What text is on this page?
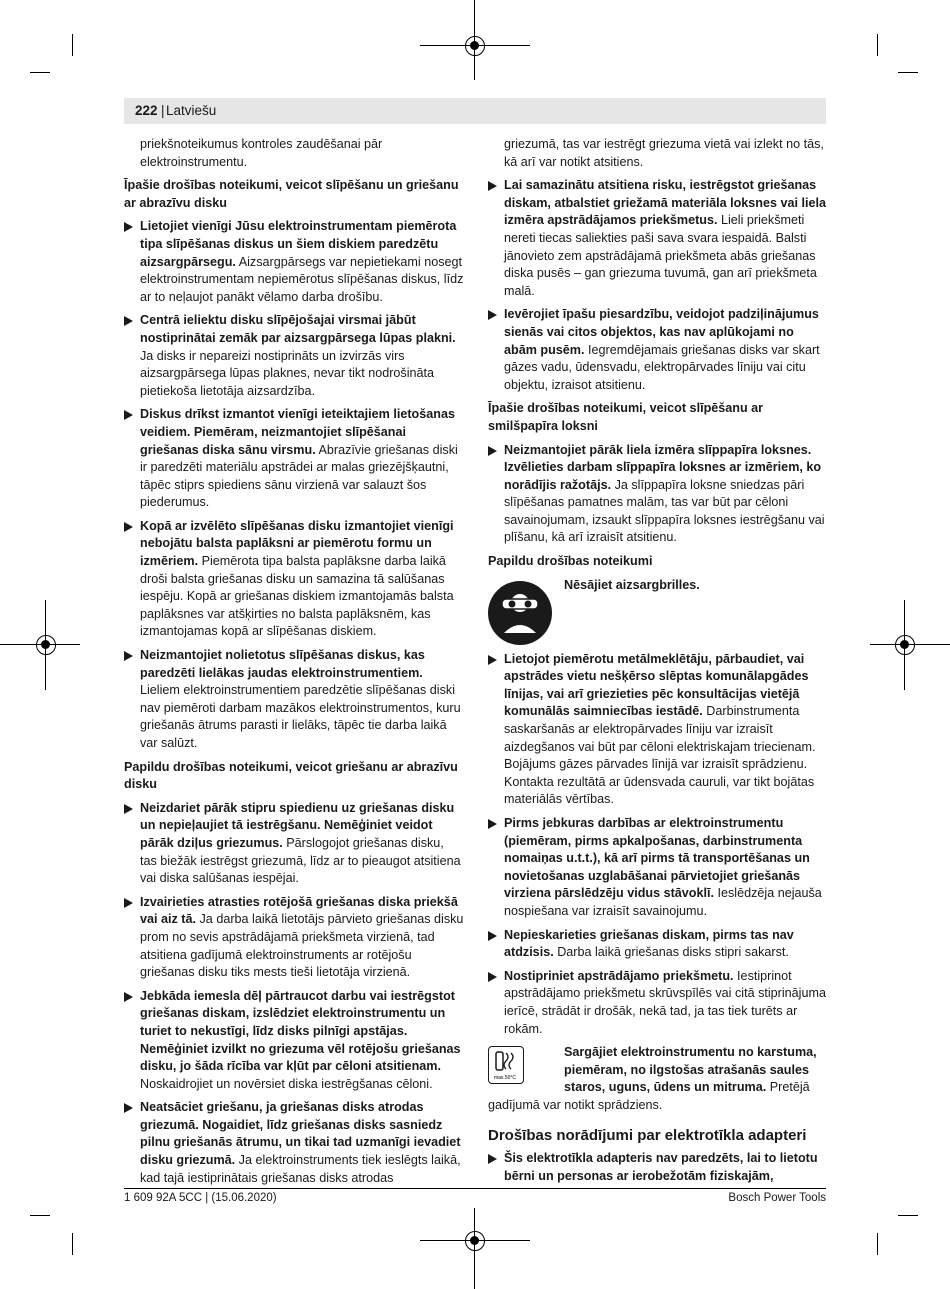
222 | Latviešu

priekšnoteikumus kontroles zaudēšanai pār elektroinstrumentu.

Īpašie drošības noteikumi, veicot slīpēšanu un griešanu ar abrazīvu disku

Lietojiet vienīgi Jūsu elektroinstrumentam piemērota tipa slīpēšanas diskus un šiem diskiem paredzētu aizsargpārsegu. Aizsargpārsegs var nepietiekami nosegt elektroinstrumentam nepiemērotus slīpēšanas diskus, līdz ar to neļaujot panākt vēlamo darba drošību.
Centrā ieliektu disku slīpējošajai virsmai jābūt nostiprinātai zemāk par aizsargpārsega lūpas plakni. Ja disks ir nepareizi nostiprināts un izvirzās virs aizsargpārsega lūpas plaknes, nevar tikt nodrošināta pietiekoša lietotāja aizsardzība.
Diskus drīkst izmantot vienīgi ieteiktajiem lietošanas veidiem. Piemēram, neizmantojiet slīpēšanai griešanas diska sānu virsmu. Abrazīvie griešanas diski ir paredzēti materiālu apstrādei ar malas griezējšķautni, tāpēc stiprs spiediens sānu virzienā var salauzt šos piederumus.
Kopā ar izvēlēto slīpēšanas disku izmantojiet vienīgi nebojātu balsta paplāksni ar piemērotu formu un izmēriem. Piemērota tipa balsta paplāksne darba laikā droši balsta griešanas disku un samazina tā salūšanas iespēju. Kopā ar griešanas diskiem izmantojamās balsta paplāksnes var atšķirties no balsta paplāksnēm, kas izmantojamas kopā ar slīpēšanas diskiem.
Neizmantojiet nolietotus slīpēšanas diskus, kas paredzēti lielākas jaudas elektroinstrumentiem. Lieliem elektroinstrumentiem paredzētie slīpēšanas diski nav piemēroti darbam mazākos elektroinstrumentos, kuru griešanās ātrums parasti ir lielāks, tāpēc tie darba laikā var salūzt.

Papildu drošības noteikumi, veicot griešanu ar abrazīvu disku

Neizdariet pārāk stipru spiedienu uz griešanas disku un nepieļaujiet tā iestrēgšanu. Nemēģiniet veidot pārāk dziļus griezumus. Pārslogojot griešanas disku, tas biežāk iestrēgst griezumā, līdz ar to pieaugot atsitiena vai diska salūšanas iespējai.
Izvairieties atrasties rotējošā griešanas diska priekšā vai aiz tā. Ja darba laikā lietotājs pārvieto griešanas disku prom no sevis apstrādājamā priekšmeta virzienā, tad atsitiena gadījumā elektroinstruments ar rotējošu griešanas disku tiks mests tieši lietotāja virzienā.
Jebkāda iemesla dēļ pārtraucot darbu vai iestrēgstot griešanas diskam, izslēdziet elektroinstrumentu un turiet to nekustīgi, līdz disks pilnīgi apstājas. Nemēģiniet izvilkt no griezuma vēl rotējošu griešanas disku, jo šāda rīcība var kļūt par cēloni atsitienam. Noskaidrojiet un novērsiet diska iestrēgšanas cēloni.
Neatsāciet griešanu, ja griešanas disks atrodas griezumā. Nogaidiet, līdz griešanas disks sasniedz pilnu griešanās ātrumu, un tikai tad uzmanīgi ievadiet disku griezumā. Ja elektroinstruments tiek ieslēgts laikā, kad tajā iestiprinātais griešanas disks atrodas

griezumā, tas var iestrēgt griezuma vietā vai izlekt no tās, kā arī var notikt atsitiens.

Lai samazinātu atsitiena risku, iestrēgstot griešanas diskam, atbalstiet griežamā materiāla loksnes vai liela izmēra apstrādājamos priekšmetus. Lieli priekšmeti nereti tiecas saliekties paši sava svara iespaidā. Balsti jānovieto zem apstrādājamā priekšmeta abās griešanas diska pusēs – gan griezuma tuvumā, gan arī priekšmeta malā.
Ievērojiet īpašu piesardzību, veidojot padziļinājumus sienās vai citos objektos, kas nav aplūkojami no abām pusēm. Iegremdējamais griešanas disks var skart gāzes vadu, ūdensvadu, elektropārvades līniju vai citu objektu, izraisot atsitienu.

Īpašie drošības noteikumi, veicot slīpēšanu ar smilšpapīra loksni

Neizmantojiet pārāk liela izmēra slīppapīra loksnes. Izvēlieties darbam slīppapīra loksnes ar izmēriem, ko norādījis ražotājs. Ja slīppapīra loksne sniedzas pāri slīpēšanas pamatnes malām, tas var būt par cēloni savainojumam, izsaukt slīppapīra loksnes iestrēgšanu vai plīšanu, kā arī izraisīt atsitienu.

Papildu drošības noteikumi

Nēsājiet aizsargbrilles.
Lietojot piemērotu metālmeklētāju, pārbaudiet, vai apstrādes vietu nešķērso slēptas komunālapgādes līnijas, vai arī griezieties pēc konsultācijas vietējā komunālās saimniecības iestādē. Darbinstrumenta saskaršanās ar elektropārvades līniju var izraisīt aizdegšanos vai būt par cēloni elektriskajam triecienam. Bojājums gāzes pārvades līnijā var izraisīt sprādzienu. Kontakta rezultātā ar ūdensvada cauruli, var tikt bojātas materiālās vērtības.
Pirms jebkuras darbības ar elektroinstrumentu (piemēram, pirms apkalpošanas, darbinstrumenta nomaiņas u.t.t.), kā arī pirms tā transportēšanas un novietošanas uzglabāšanai pārvietojiet griešanās virziena pārslēdzēju vidus stāvoklī. Ieslēdzēja nejauša nospiešana var izraisīt savainojumu.
Nepieskarieties griešanas diskam, pirms tas nav atdzisis. Darba laikā griešanas disks stipri sakarst.
Nostipriniet apstrādājamo priekšmetu. Iestiprinot apstrādājamo priekšmetu skrūvspīlēs vai citā stiprinājuma ierīcē, strādāt ir drošāk, nekā tad, ja tas tiek turēts ar rokām.
max.50°C
Sargājiet elektroinstrumentu no karstuma, piemēram, no ilgstošas atrašanās saules staros, uguns, ūdens un mitruma. Pretējā
gadījumā var notikt sprādziens.
Drošības norādījumi par elektrotīkla adapteri
Šis elektrotīkla adapteris nav paredzēts, lai to lietotu bērni un personas ar ierobežotām fiziskajām,
1 609 92A 5CC | (15.06.2020)	Bosch Power Tools
